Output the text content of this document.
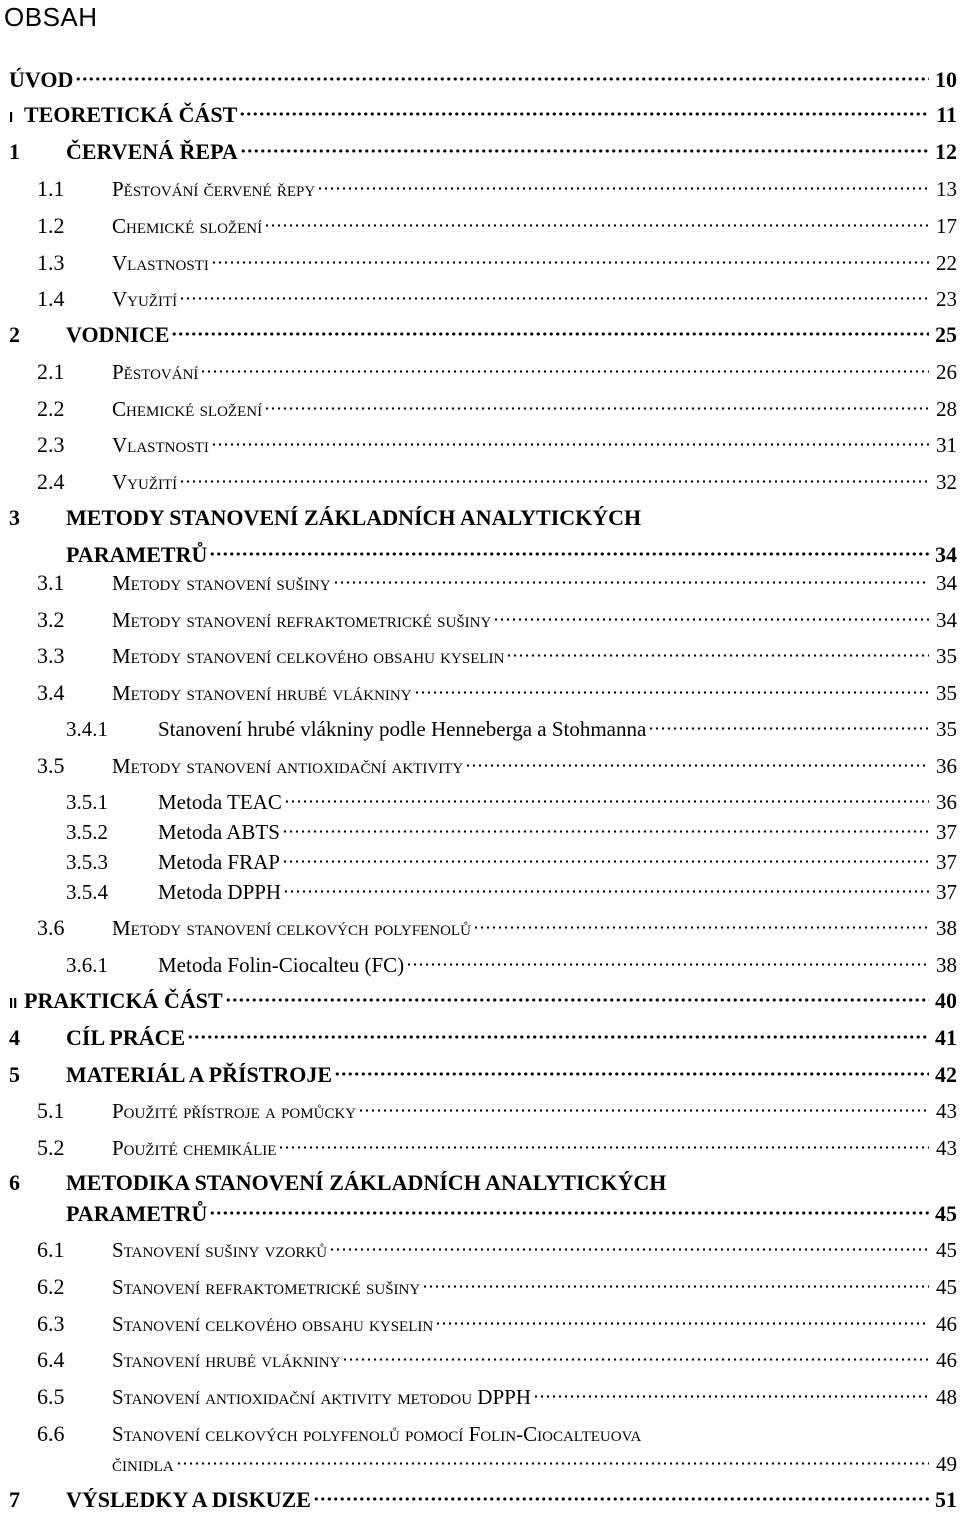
OBSAH
ÚVOD	10
I TEORETICKÁ ČÁST	11
1 ČERVENÁ ŘEPA	12
1.1 Pěstování červené řepy	13
1.2 Chemické složení	17
1.3 Vlastnosti	22
1.4 Využití	23
2 VODNICE	25
2.1 Pěstování	26
2.2 Chemické složení	28
2.3 Vlastnosti	31
2.4 Využití	32
3 METODY STANOVENÍ ZÁKLADNÍCH ANALYTICKÝCH
PARAMETRŮ	34
3.1 Metody stanovení sušiny	34
3.2 Metody stanovení refraktometrické sušiny	34
3.3 Metody stanovení celkového obsahu kyselin	35
3.4 Metody stanovení hrubé vlákniny	35
3.4.1 Stanovení hrubé vlákniny podle Henneberga a Stohmanna	35
3.5 Metody stanovení antioxidační aktivity	36
3.5.1 Metoda TEAC	36
3.5.2 Metoda ABTS	37
3.5.3 Metoda FRAP	37
3.5.4 Metoda DPPH	37
3.6 Metody stanovení celkových polyfenolů	38
3.6.1 Metoda Folin-Ciocalteu (FC)	38
II PRAKTICKÁ ČÁST	40
4 CÍL PRÁCE	41
5 MATERIÁL A PŘÍSTROJE	42
5.1 Použité přístroje a pomůcky	43
5.2 Použité chemikálie	43
6 METODIKA STANOVENÍ ZÁKLADNÍCH ANALYTICKÝCH
PARAMETRŮ	45
6.1 Stanovení sušiny vzorků	45
6.2 Stanovení refraktometrické sušiny	45
6.3 Stanovení celkového obsahu kyselin	46
6.4 Stanovení hrubé vlákniny	46
6.5 Stanovení antioxidační aktivity metodou DPPH	48
6.6 Stanovení celkových polyfenolů pomocí Folin-Ciocalteuova
činidla	49
7 VÝSLEDKY A DISKUZE	51
